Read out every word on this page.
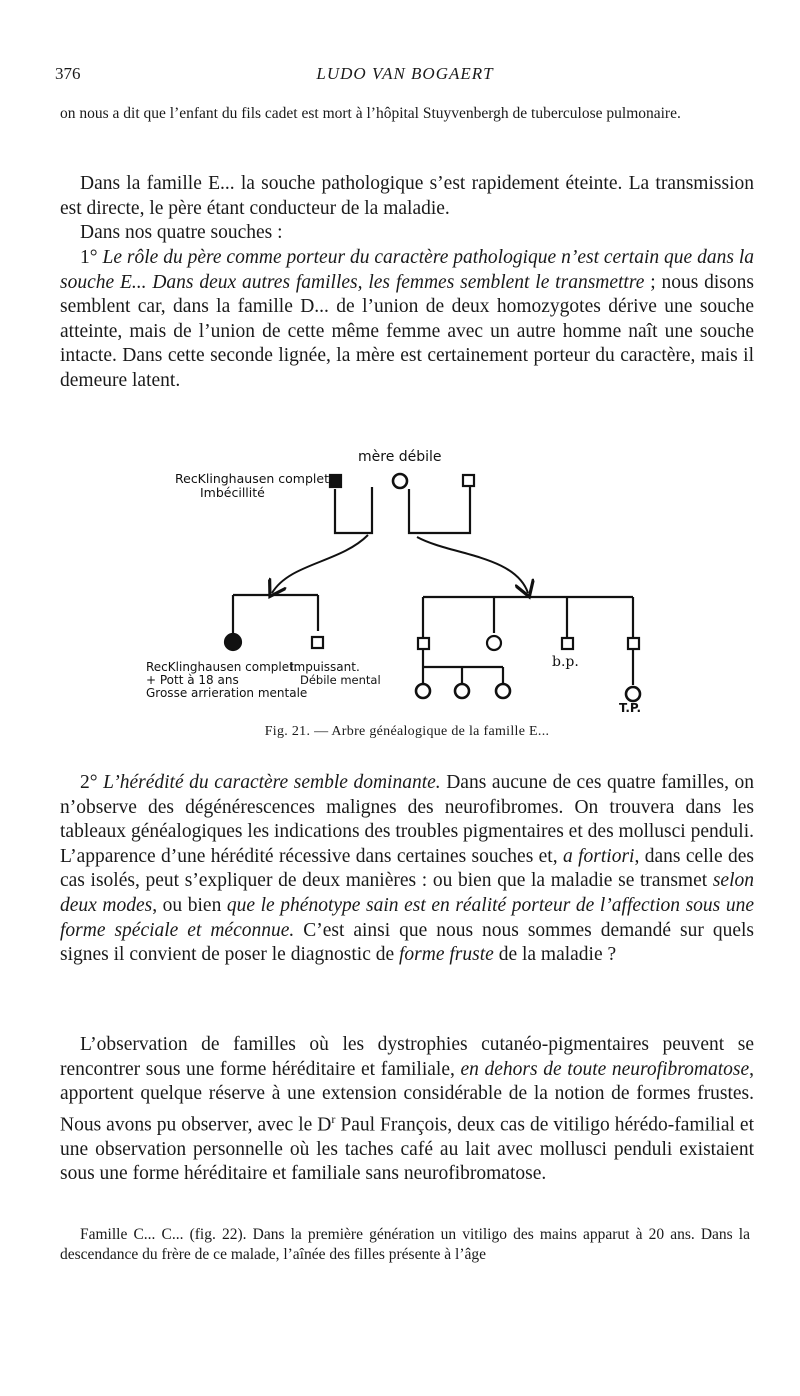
376	LUDO VAN BOGAERT

on nous a dit que l’enfant du fils cadet est mort à l’hôpital Stuyvenbergh de tuberculose pulmonaire.

Dans la famille E... la souche pathologique s’est rapidement éteinte. La transmission est directe, le père étant conducteur de la maladie.

Dans nos quatre souches :

1° Le rôle du père comme porteur du caractère pathologique n’est certain que dans la souche E... Dans deux autres familles, les femmes semblent le transmettre ; nous disons semblent car, dans la famille D... de l’union de deux homozygotes dérive une souche atteinte, mais de l’union de cette même femme avec un autre homme naît une souche intacte. Dans cette seconde lignée, la mère est certainement porteur du caractère, mais il demeure latent.

mère débile
RecKlinghausen complet.
Imbécillité
RecKlinghausen complet.
+ Pott à 18 ans
Grosse arrieration mentale
Impuissant.
Débile mental
b.p.
T.P.
Fig. 21. — Arbre généalogique de la famille E...

2° L’hérédité du caractère semble dominante. Dans aucune de ces quatre familles, on n’observe des dégénérescences malignes des neurofibromes. On trouvera dans les tableaux généalogiques les indications des troubles pigmentaires et des mollusci penduli. L’apparence d’une hérédité récessive dans certaines souches et, a fortiori, dans celle des cas isolés, peut s’expliquer de deux manières : ou bien que la maladie se transmet selon deux modes, ou bien que le phénotype sain est en réalité porteur de l’affection sous une forme spéciale et méconnue. C’est ainsi que nous nous sommes demandé sur quels signes il convient de poser le diagnostic de forme fruste de la maladie ?

L’observation de familles où les dystrophies cutanéo-pigmentaires peuvent se rencontrer sous une forme héréditaire et familiale, en dehors de toute neurofibromatose, apportent quelque réserve à une extension considérable de la notion de formes frustes. Nous avons pu observer, avec le $D^r$ Paul François, deux cas de vitiligo hérédo-familial et une observation personnelle où les taches café au lait avec mollusci penduli existaient sous une forme héréditaire et familiale sans neurofibromatose.

Famille C... C... (fig. 22). Dans la première génération un vitiligo des mains apparut à 20 ans. Dans la descendance du frère de ce malade, l’aînée des filles présente à l’âge
